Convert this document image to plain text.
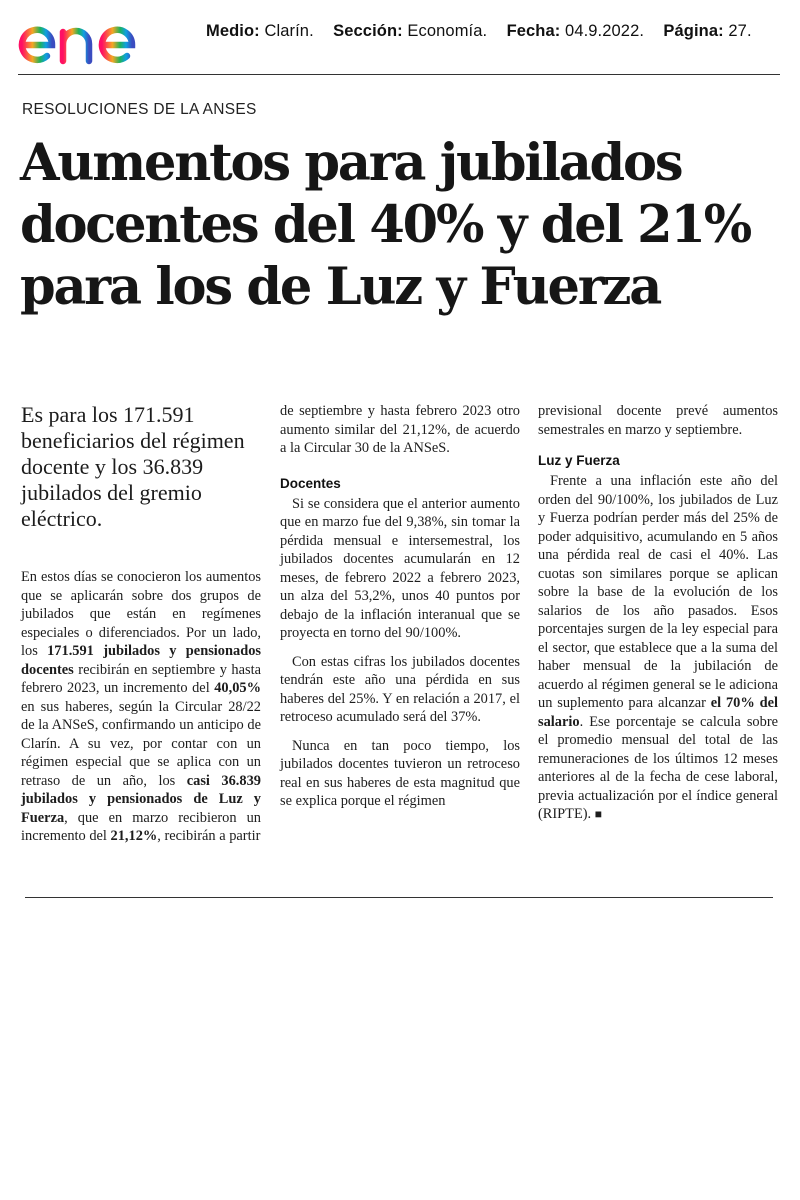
Medio: Clarín. Sección: Economía. Fecha: 04.9.2022. Página: 27.
RESOLUCIONES DE LA ANSES
Aumentos para jubilados
docentes del 40% y del 21%
para los de Luz y Fuerza
Es para los 171.591 beneficiarios del régimen docente y los 36.839 jubilados del gremio eléctrico.

En estos días se conocieron los aumentos que se aplicarán sobre dos grupos de jubilados que están en regímenes especiales o diferenciados. Por un lado, los 171.591 jubilados y pensionados docentes recibirán en septiembre y hasta febrero 2023, un incremento del 40,05% en sus haberes, según la Circular 28/22 de la ANSeS, confirmando un anticipo de Clarín. A su vez, por contar con un régimen especial que se aplica con un retraso de un año, los casi 36.839 jubilados y pensionados de Luz y Fuerza, que en marzo recibieron un incremento del 21,12%, recibirán a partir

de septiembre y hasta febrero 2023 otro aumento similar del 21,12%, de acuerdo a la Circular 30 de la ANSeS.

Docentes

Si se considera que el anterior aumento que en marzo fue del 9,38%, sin tomar la pérdida mensual e intersemestral, los jubilados docentes acumularán en 12 meses, de febrero 2022 a febrero 2023, un alza del 53,2%, unos 40 puntos por debajo de la inflación interanual que se proyecta en torno del 90/100%.

Con estas cifras los jubilados docentes tendrán este año una pérdida en sus haberes del 25%. Y en relación a 2017, el retroceso acumulado será del 37%.

Nunca en tan poco tiempo, los jubilados docentes tuvieron un retroceso real en sus haberes de esta magnitud que se explica porque el régimen

previsional docente prevé aumentos semestrales en marzo y septiembre.

Luz y Fuerza

Frente a una inflación este año del orden del 90/100%, los jubilados de Luz y Fuerza podrían perder más del 25% de poder adquisitivo, acumulando en 5 años una pérdida real de casi el 40%. Las cuotas son similares porque se aplican sobre la base de la evolución de los salarios de los año pasados. Esos porcentajes surgen de la ley especial para el sector, que establece que a la suma del haber mensual de la jubilación de acuerdo al régimen general se le adiciona un suplemento para alcanzar el 70% del salario. Ese porcentaje se calcula sobre el promedio mensual del total de las remuneraciones de los últimos 12 meses anteriores al de la fecha de cese laboral, previa actualización por el índice general (RIPTE). ■
